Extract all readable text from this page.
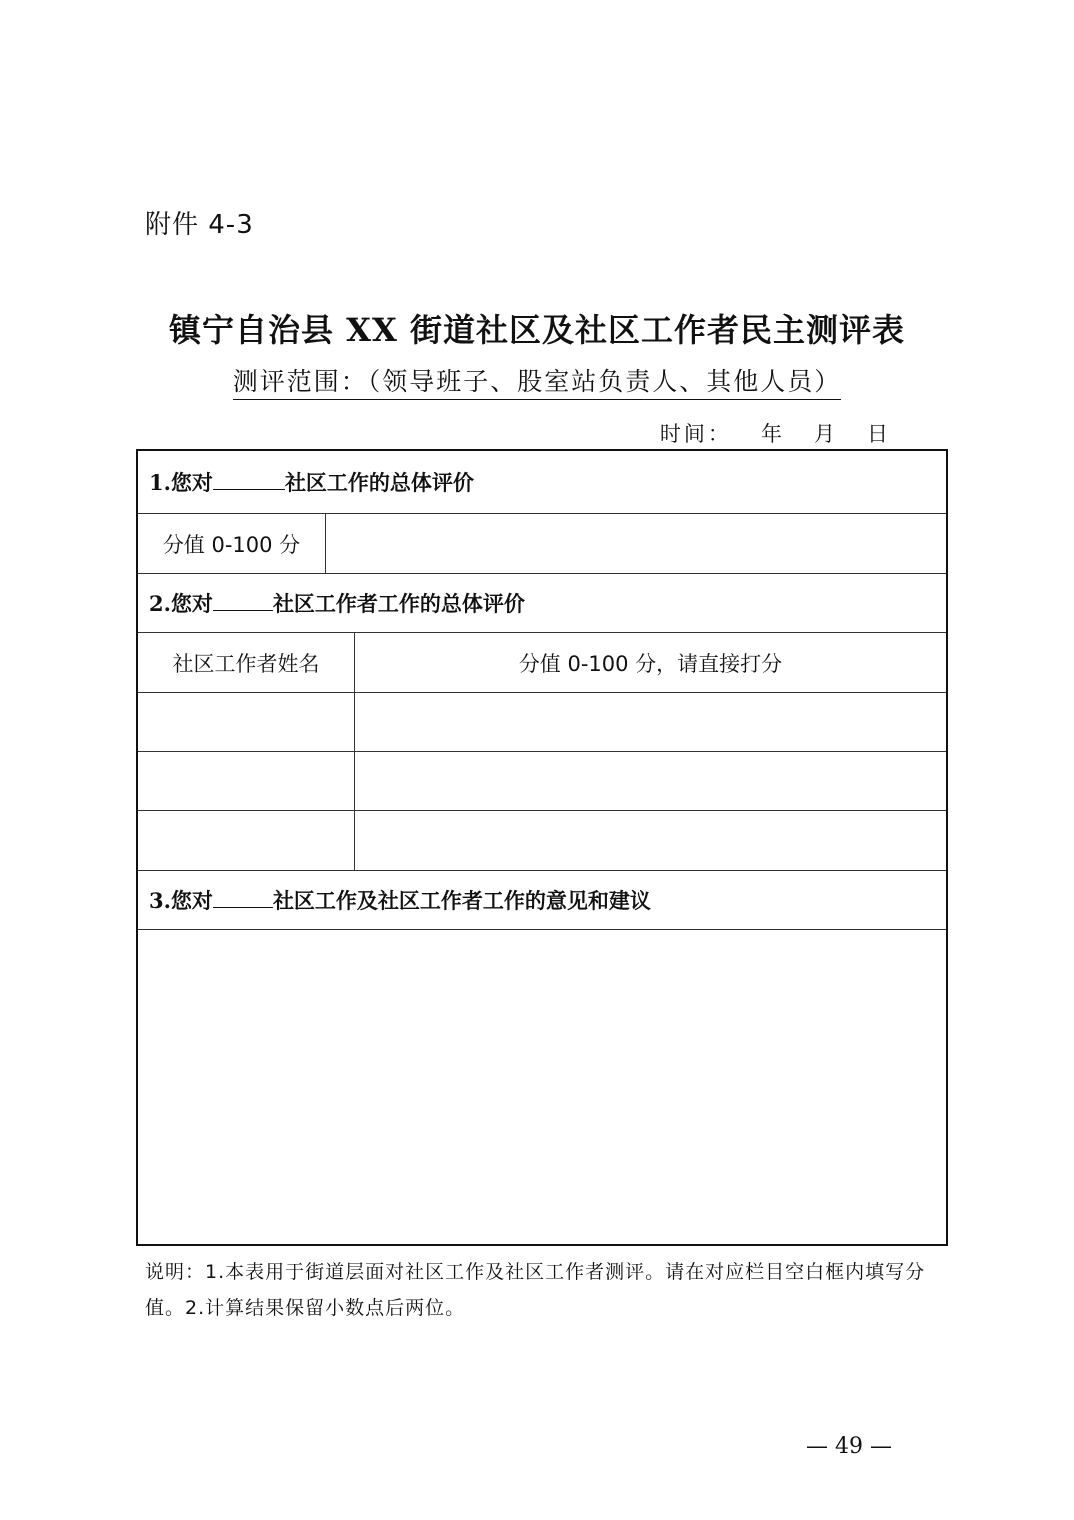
附件 4-3
镇宁自治县 XX 街道社区及社区工作者民主测评表
测评范围：（领导班子、股室站负责人、其他人员）
时间：   年   月   日
1.您对	社区工作的总体评价
分值 0-100 分
2.您对	社区工作者工作的总体评价
社区工作者姓名	分值 0-100 分，请直接打分
3.您对	社区工作及社区工作者工作的意见和建议
说明：1.本表用于街道层面对社区工作及社区工作者测评。请在对应栏目空白框内填写分值。2.计算结果保留小数点后两位。
— 49 —
